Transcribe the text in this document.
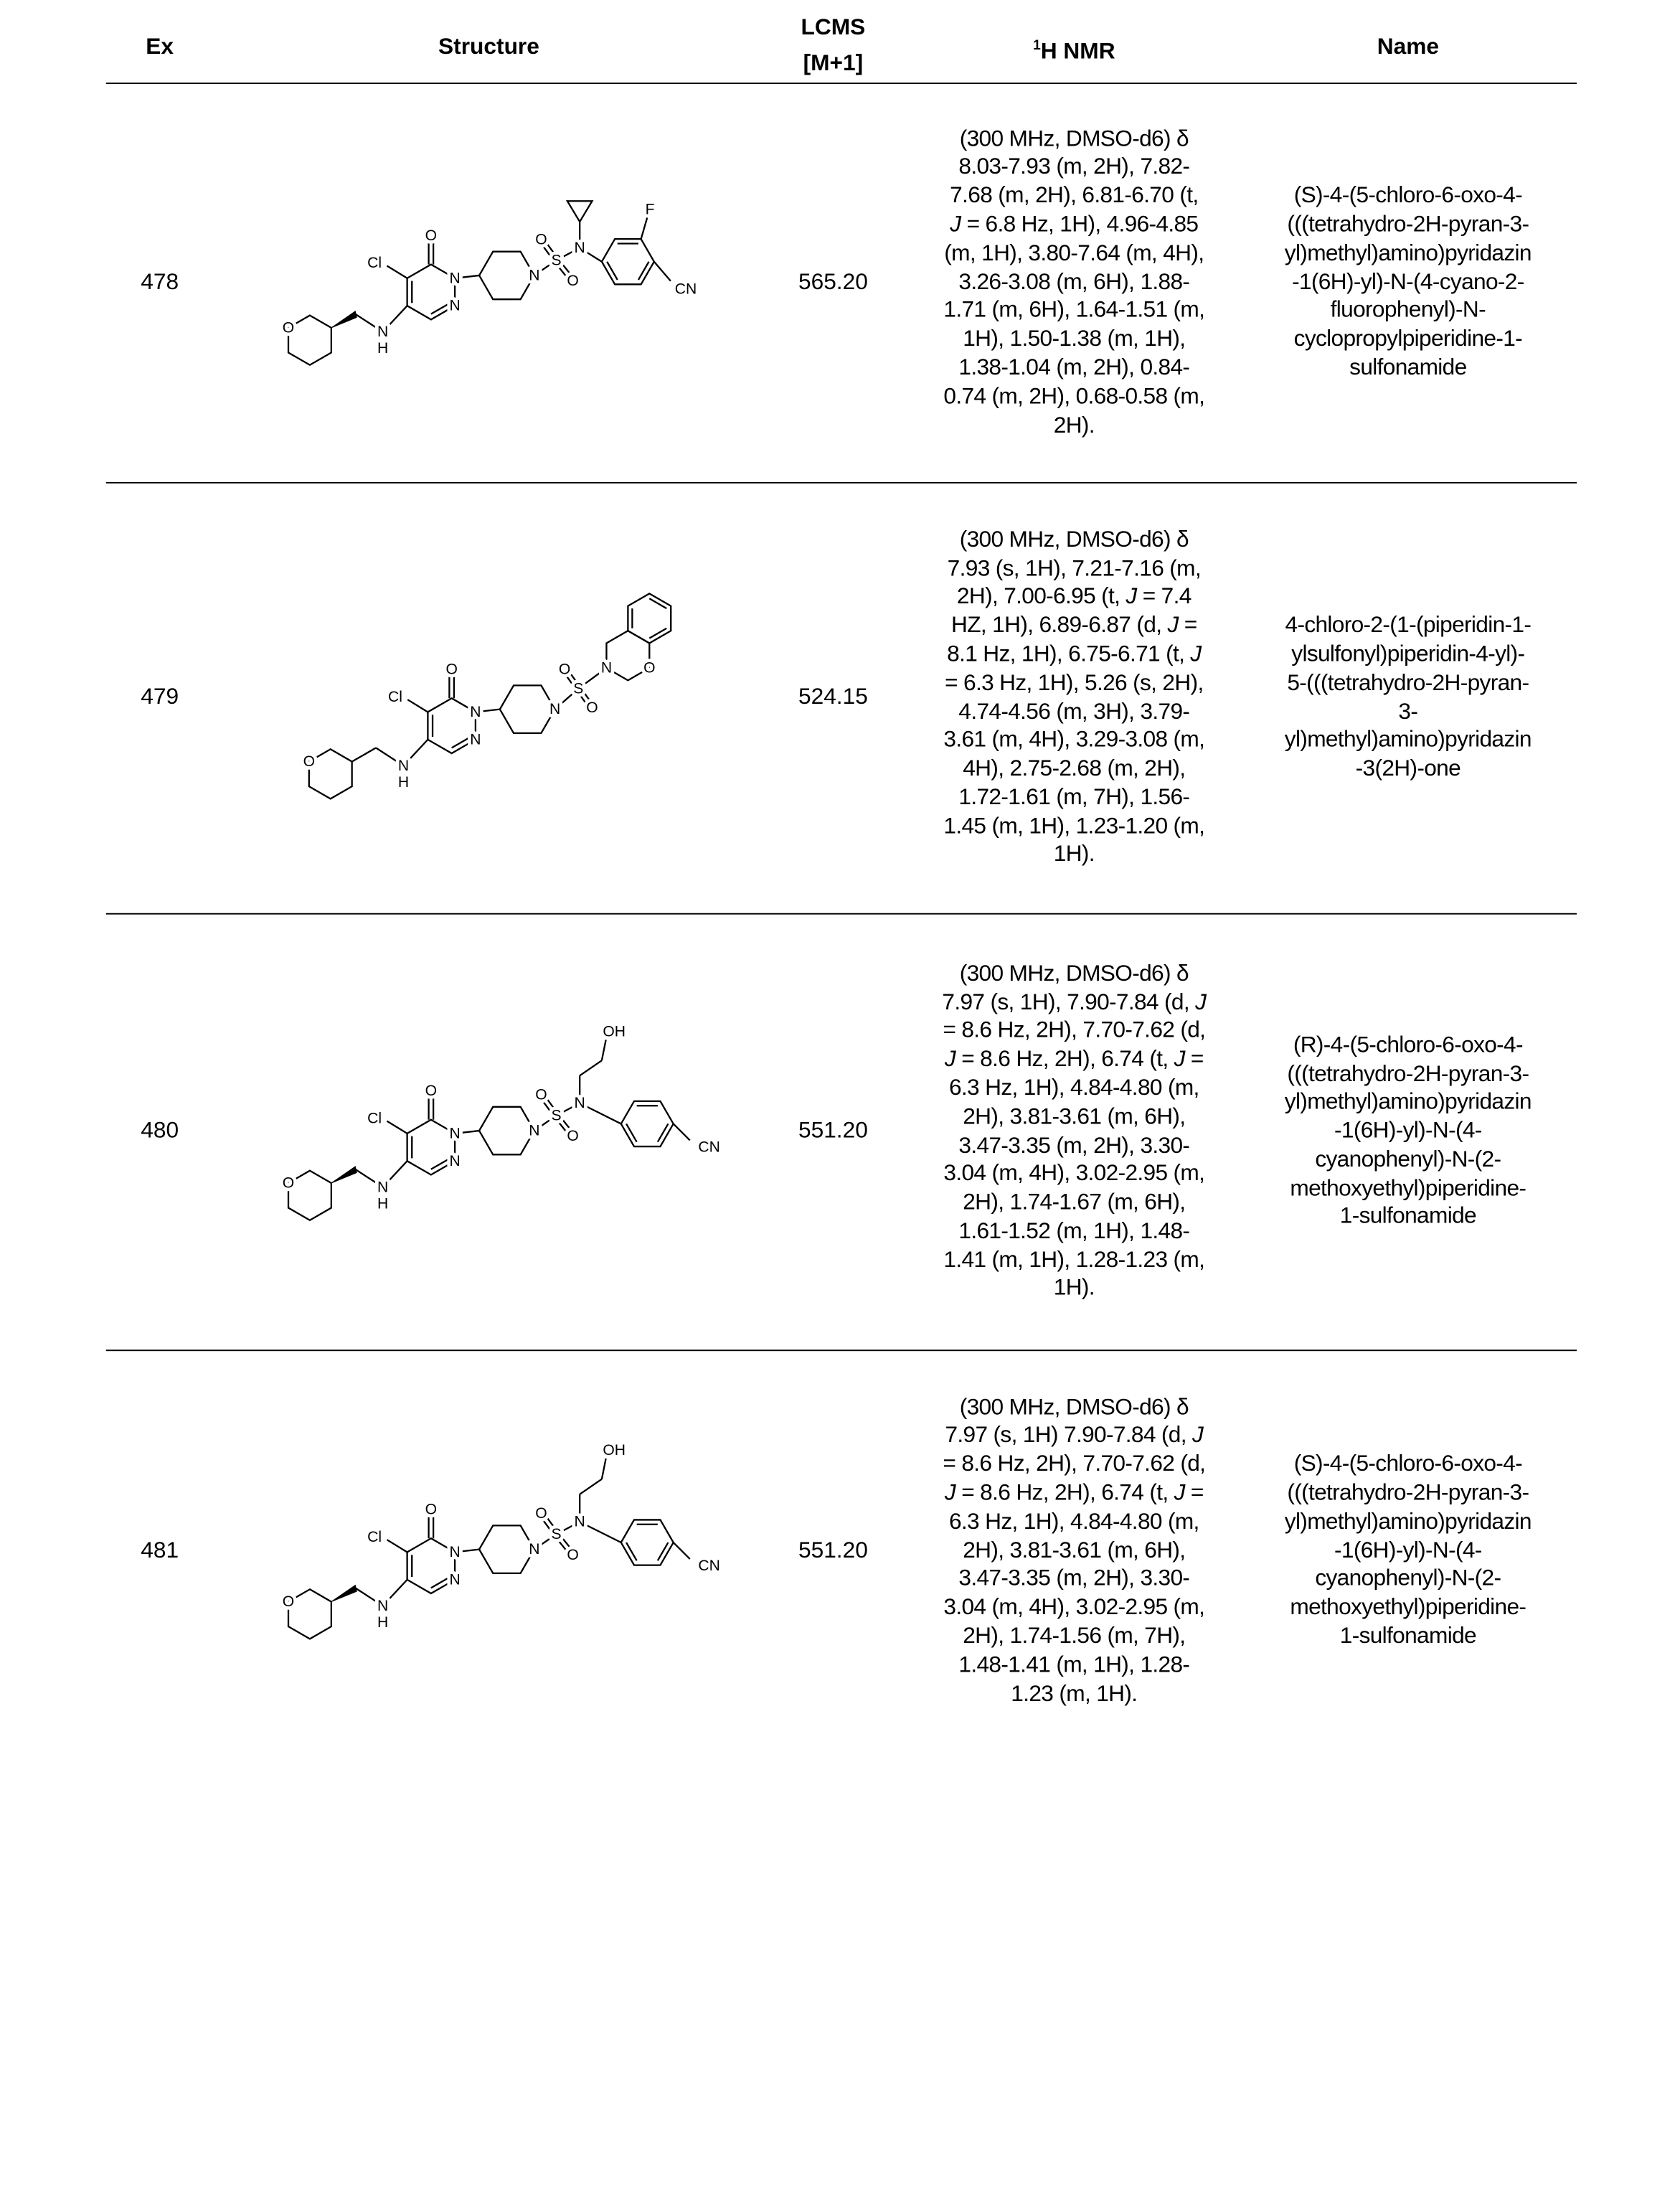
Ex	Structure
LCMS
[M+1]
1H NMR	Name
478	565.20
(300 MHz, DMSO-d6) δ
8.03-7.93 (m, 2H), 7.82-
7.68 (m, 2H), 6.81-6.70 (t,
J = 6.8 Hz, 1H), 4.96-4.85
(m, 1H), 3.80-7.64 (m, 4H),
3.26-3.08 (m, 6H), 1.88-
1.71 (m, 6H), 1.64-1.51 (m,
1H), 1.50-1.38 (m, 1H),
1.38-1.04 (m, 2H), 0.84-
0.74 (m, 2H), 0.68-0.58 (m,
2H).
(S)-4-(5-chloro-6-oxo-4-
(((tetrahydro-2H-pyran-3-
yl)methyl)amino)pyridazin
-1(6H)-yl)-N-(4-cyano-2-
fluorophenyl)-N-
cyclopropylpiperidine-1-
sulfonamide
479	524.15
(300 MHz, DMSO-d6) δ
7.93 (s, 1H), 7.21-7.16 (m,
2H), 7.00-6.95 (t, J = 7.4
HZ, 1H), 6.89-6.87 (d, J =
8.1 Hz, 1H), 6.75-6.71 (t, J
= 6.3 Hz, 1H), 5.26 (s, 2H),
4.74-4.56 (m, 3H), 3.79-
3.61 (m, 4H), 3.29-3.08 (m,
4H), 2.75-2.68 (m, 2H),
1.72-1.61 (m, 7H), 1.56-
1.45 (m, 1H), 1.23-1.20 (m,
1H).
4-chloro-2-(1-(piperidin-1-
ylsulfonyl)piperidin-4-yl)-
5-(((tetrahydro-2H-pyran-
3-
yl)methyl)amino)pyridazin
-3(2H)-one
480	551.20
(300 MHz, DMSO-d6) δ
7.97 (s, 1H), 7.90-7.84 (d, J
= 8.6 Hz, 2H), 7.70-7.62 (d,
J = 8.6 Hz, 2H), 6.74 (t, J =
6.3 Hz, 1H), 4.84-4.80 (m,
2H), 3.81-3.61 (m, 6H),
3.47-3.35 (m, 2H), 3.30-
3.04 (m, 4H), 3.02-2.95 (m,
2H), 1.74-1.67 (m, 6H),
1.61-1.52 (m, 1H), 1.48-
1.41 (m, 1H), 1.28-1.23 (m,
1H).
(R)-4-(5-chloro-6-oxo-4-
(((tetrahydro-2H-pyran-3-
yl)methyl)amino)pyridazin
-1(6H)-yl)-N-(4-
cyanophenyl)-N-(2-
methoxyethyl)piperidine-
1-sulfonamide
481	551.20
(300 MHz, DMSO-d6) δ
7.97 (s, 1H) 7.90-7.84 (d, J
= 8.6 Hz, 2H), 7.70-7.62 (d,
J = 8.6 Hz, 2H), 6.74 (t, J =
6.3 Hz, 1H), 4.84-4.80 (m,
2H), 3.81-3.61 (m, 6H),
3.47-3.35 (m, 2H), 3.30-
3.04 (m, 4H), 3.02-2.95 (m,
2H), 1.74-1.56 (m, 7H),
1.48-1.41 (m, 1H), 1.28-
1.23 (m, 1H).
(S)-4-(5-chloro-6-oxo-4-
(((tetrahydro-2H-pyran-3-
yl)methyl)amino)pyridazin
-1(6H)-yl)-N-(4-
cyanophenyl)-N-(2-
methoxyethyl)piperidine-
1-sulfonamide
O
Cl
O
N
N
N
H
N
S
O
O
N
F
CN
O
Cl
O
N
N
N
H
N
S
O
O
N	O
O
Cl
O
N
N
N
H
N
S
O
O
N
OH
CN
O
Cl
O
N
N
N
H
N
S
O
O
N
OH
CN
